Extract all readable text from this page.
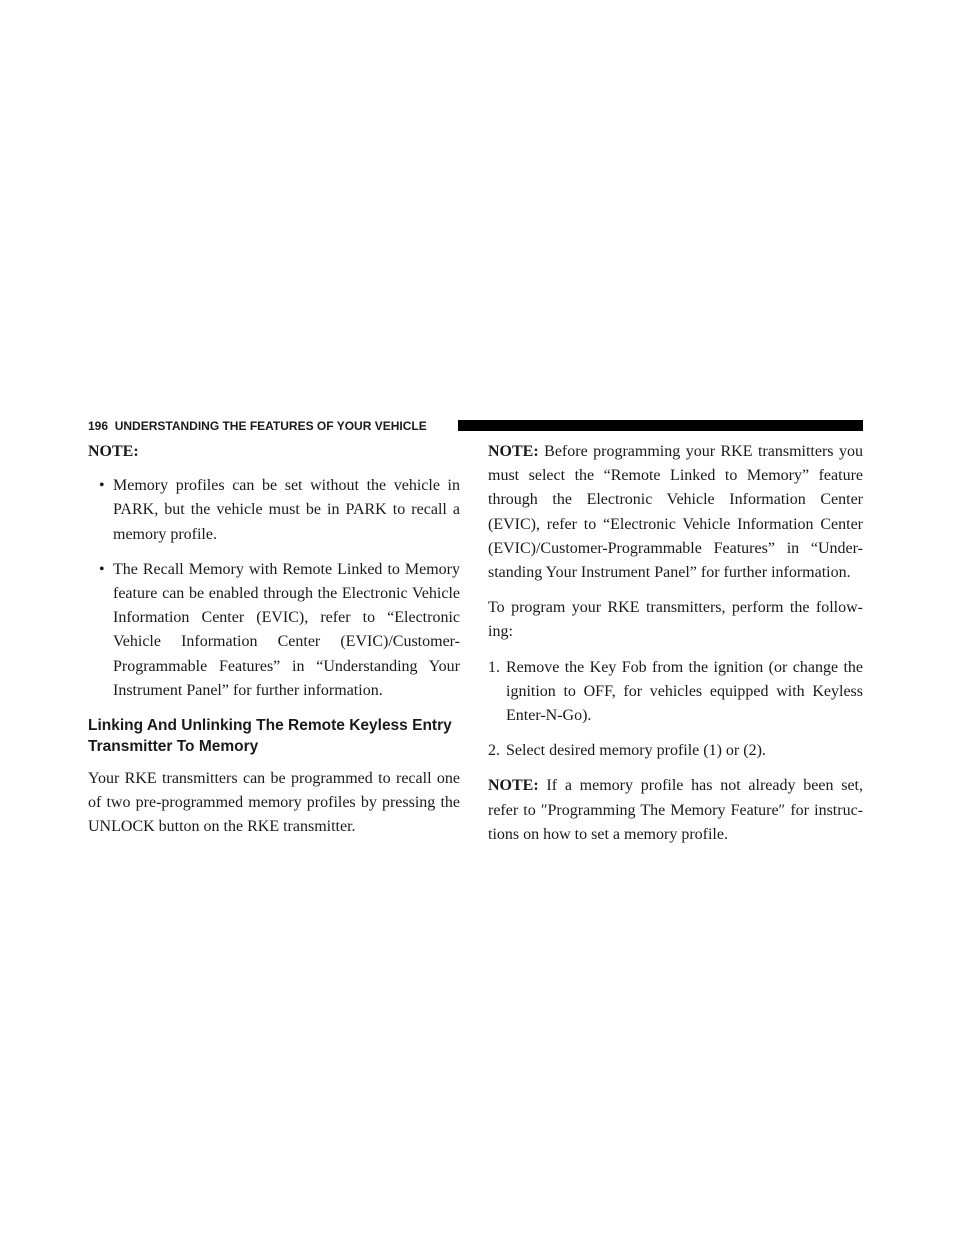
196 UNDERSTANDING THE FEATURES OF YOUR VEHICLE

NOTE:

• Memory profiles can be set without the vehicle in PARK, but the vehicle must be in PARK to recall a memory profile.
• The Recall Memory with Remote Linked to Memory feature can be enabled through the Electronic Vehicle Information Center (EVIC), refer to “Electronic Vehicle Information Center (EVIC)/Customer-Programmable Features” in “Understanding Your Instrument Panel” for further information.
Linking And Unlinking The Remote Keyless Entry Transmitter To Memory

Your RKE transmitters can be programmed to recall one of two pre-programmed memory profiles by pressing the UNLOCK button on the RKE transmitter.

NOTE: Before programming your RKE transmitters you must select the “Remote Linked to Memory” feature through the Electronic Vehicle Information Center (EVIC), refer to “Electronic Vehicle Information Center (EVIC)/Customer-Programmable Features” in “Under-standing Your Instrument Panel” for further information.

To program your RKE transmitters, perform the follow-ing:

1. Remove the Key Fob from the ignition (or change the ignition to OFF, for vehicles equipped with Keyless Enter-N-Go).
2. Select desired memory profile (1) or (2).

NOTE: If a memory profile has not already been set, refer to ″Programming The Memory Feature″ for instruc-tions on how to set a memory profile.
